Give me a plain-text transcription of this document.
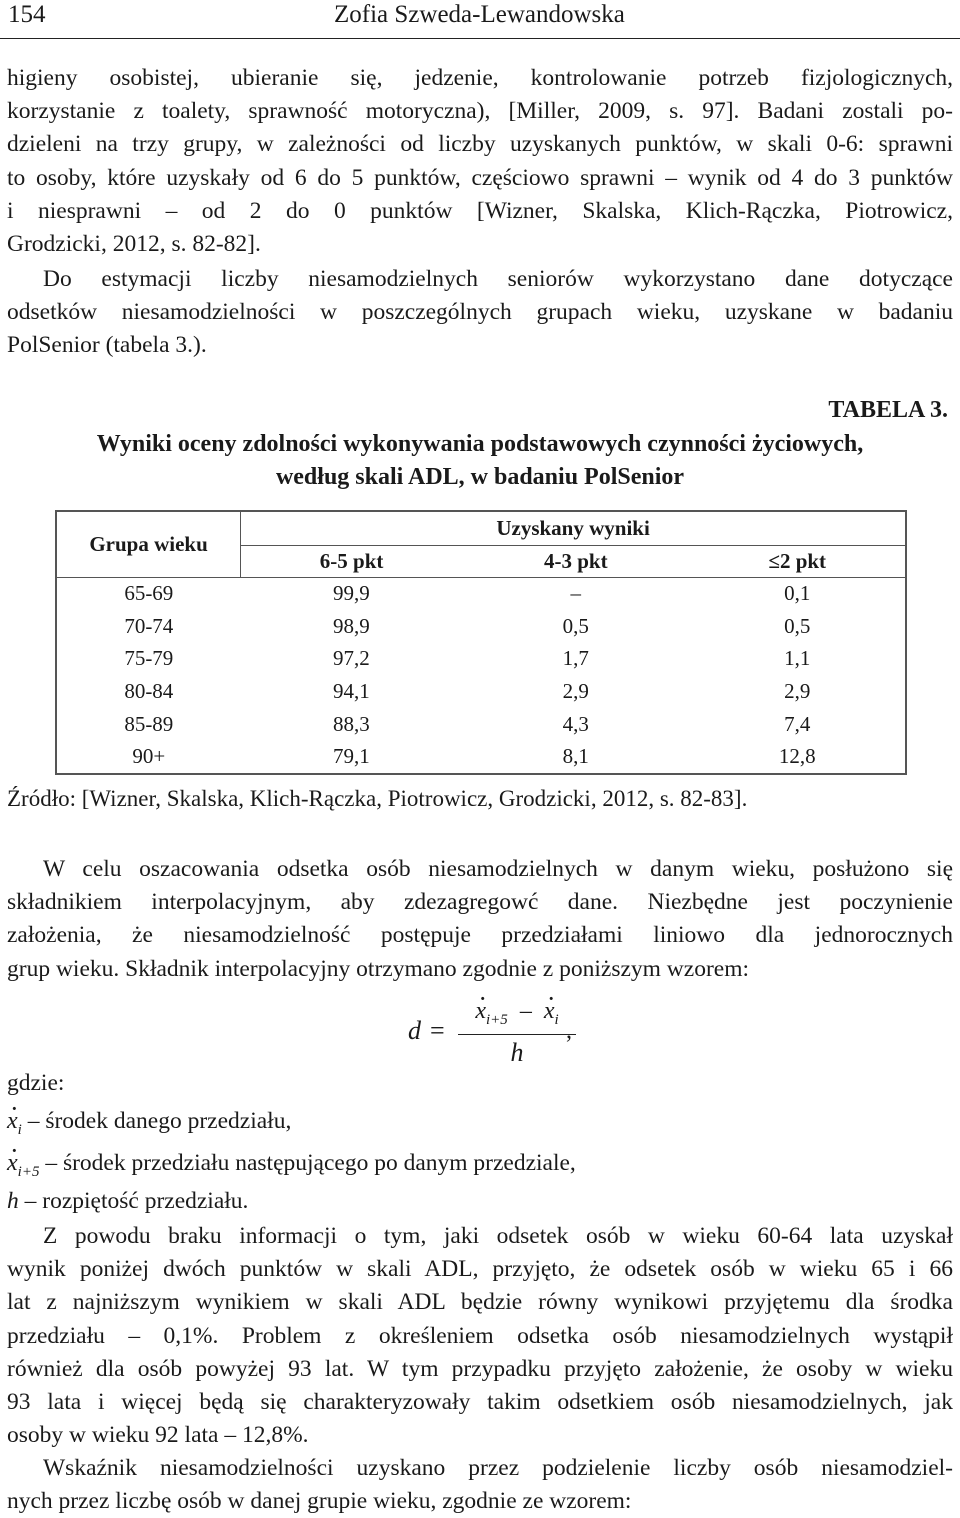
154	Zofia Szweda-Lewandowska
higieny osobistej, ubieranie się, jedzenie, kontrolowanie potrzeb fizjologicznych,
korzystanie z toalety, sprawność motoryczna), [Miller, 2009, s. 97]. Badani zostali po-
dzieleni na trzy grupy, w zależności od liczby uzyskanych punktów, w skali 0-6: sprawni
to osoby, które uzyskały od 6 do 5 punktów, częściowo sprawni – wynik od 4 do 3 punktów
i niesprawni – od 2 do 0 punktów [Wizner, Skalska, Klich-Rączka, Piotrowicz,
Grodzicki, 2012, s. 82-82].
Do estymacji liczby niesamodzielnych seniorów wykorzystano dane dotyczące
odsetków niesamodzielności w poszczególnych grupach wieku, uzyskane w badaniu
PolSenior (tabela 3.).
TABELA 3.
Wyniki oceny zdolności wykonywania podstawowych czynności życiowych,
według skali ADL, w badaniu PolSenior
Grupa wieku	Uzyskany wyniki		
	6-5 pkt	4-3 pkt	≤2 pkt
65-69	99,9	–	0,1
70-74	98,9	0,5	0,5
75-79	97,2	1,7	1,1
80-84	94,1	2,9	2,9
85-89	88,3	4,3	7,4
90+	79,1	8,1	12,8
Źródło: [Wizner, Skalska, Klich-Rączka, Piotrowicz, Grodzicki, 2012, s. 82-83].
W celu oszacowania odsetka osób niesamodzielnych w danym wieku, posłużono się
składnikiem interpolacyjnym, aby zdezagregowć dane. Niezbędne jest poczynienie
założenia, że niesamodzielność postępuje przedziałami liniowo dla jednorocznych
grup wieku. Składnik interpolacyjny otrzymano zgodnie z poniższym wzorem:
d =
· $x_{i+5}$ – · $x_i$
h
,
gdzie:
· $x_i$ – środek danego przedziału,
· $x_{i+5}$ – środek przedziału następującego po danym przedziale,
h – rozpiętość przedziału.
Z powodu braku informacji o tym, jaki odsetek osób w wieku 60-64 lata uzyskał
wynik poniżej dwóch punktów w skali ADL, przyjęto, że odsetek osób w wieku 65 i 66
lat z najniższym wynikiem w skali ADL będzie równy wynikowi przyjętemu dla środka
przedziału – 0,1%. Problem z określeniem odsetka osób niesamodzielnych wystąpił
również dla osób powyżej 93 lat. W tym przypadku przyjęto założenie, że osoby w wieku
93 lata i więcej będą się charakteryzowały takim odsetkiem osób niesamodzielnych, jak
osoby w wieku 92 lata – 12,8%.
Wskaźnik niesamodzielności uzyskano przez podzielenie liczby osób niesamodziel-
nych przez liczbę osób w danej grupie wieku, zgodnie ze wzorem:
